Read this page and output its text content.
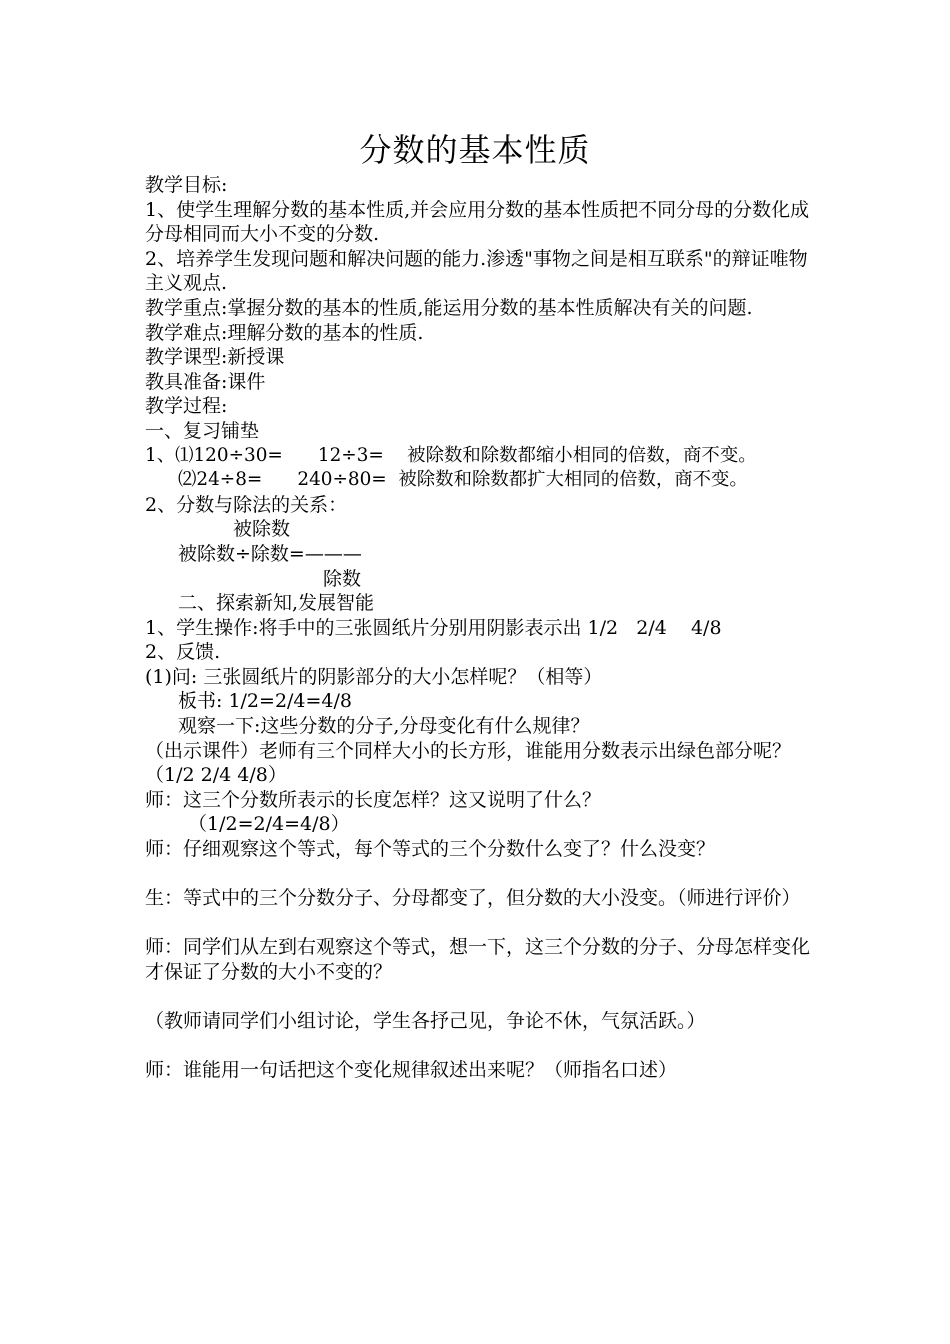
分数的基本性质
教学目标:
1、使学生理解分数的基本性质,并会应用分数的基本性质把不同分母的分数化成分母相同而大小不变的分数.
2、培养学生发现问题和解决问题的能力.渗透"事物之间是相互联系"的辩证唯物主义观点.
教学重点:掌握分数的基本的性质,能运用分数的基本性质解决有关的问题.
教学难点:理解分数的基本的性质.
教学课型:新授课
教具准备:课件
教学过程:
一、复习铺垫
1、⑴120÷30=      12÷3=    被除数和除数都缩小相同的倍数，商不变。
⑵24÷8=      240÷80=  被除数和除数都扩大相同的倍数，商不变。
2、分数与除法的关系：
被除数
被除数÷除数=———
除数
二、探索新知,发展智能
1、学生操作:将手中的三张圆纸片分别用阴影表示出 1/2   2/4    4/8
2、反馈.
(1)问: 三张圆纸片的阴影部分的大小怎样呢？（相等）
板书: 1/2=2/4=4/8
观察一下:这些分数的分子,分母变化有什么规律？
（出示课件）老师有三个同样大小的长方形，谁能用分数表示出绿色部分呢？（1/2 2/4 4/8）
师：这三个分数所表示的长度怎样？这又说明了什么？
（1/2=2/4=4/8）
师：仔细观察这个等式，每个等式的三个分数什么变了？什么没变？
生：等式中的三个分数分子、分母都变了，但分数的大小没变。（师进行评价）
师：同学们从左到右观察这个等式，想一下，这三个分数的分子、分母怎样变化才保证了分数的大小不变的？
（教师请同学们小组讨论，学生各抒己见，争论不休，气氛活跃。）
师：谁能用一句话把这个变化规律叙述出来呢？（师指名口述）
